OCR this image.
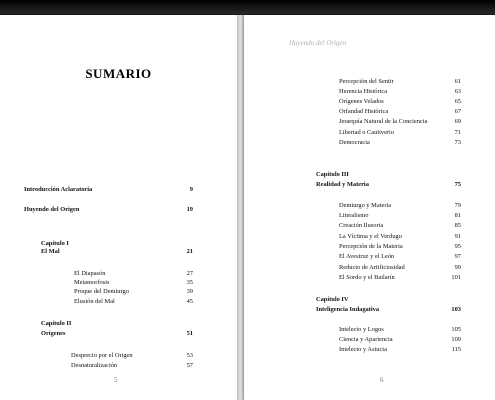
SUMARIO
Introducción Aclaratoria	9
Huyendo del Origen	19
Capítulo I
El Mal	21
El Diapasón	27
Metamorfosis	35
Proque del Demiurgo	39
Elusión del Mal	45
Capítulo II
Orígenes	51
Desprecio por el Origen	53
Desnaturalización	57
5
Huyendo del Origen
Percepción del Sentir	61
Herencia Histórica	63
Orígenes Velados	65
Orfandad Histórica	67
Jerarquía Natural de la Conciencia	69
Libertad o Cautiverio	71
Democracia	73
Capítulo III
Realidad y Materia	75
Demiurgo y Materia	79
Literalismo	81
Creación Ilusoria	85
La Víctima y el Verdugo	91
Percepción de la Materia	95
El Avestruz y el León	97
Reducto de Artificiosidad	99
El Sordo y el Bailarín	101
Capítulo IV
Inteligencia Indagativa	103
Intelecto y Logos	105
Ciencia y Apariencia	109
Intelecto y Astucia	115
6
